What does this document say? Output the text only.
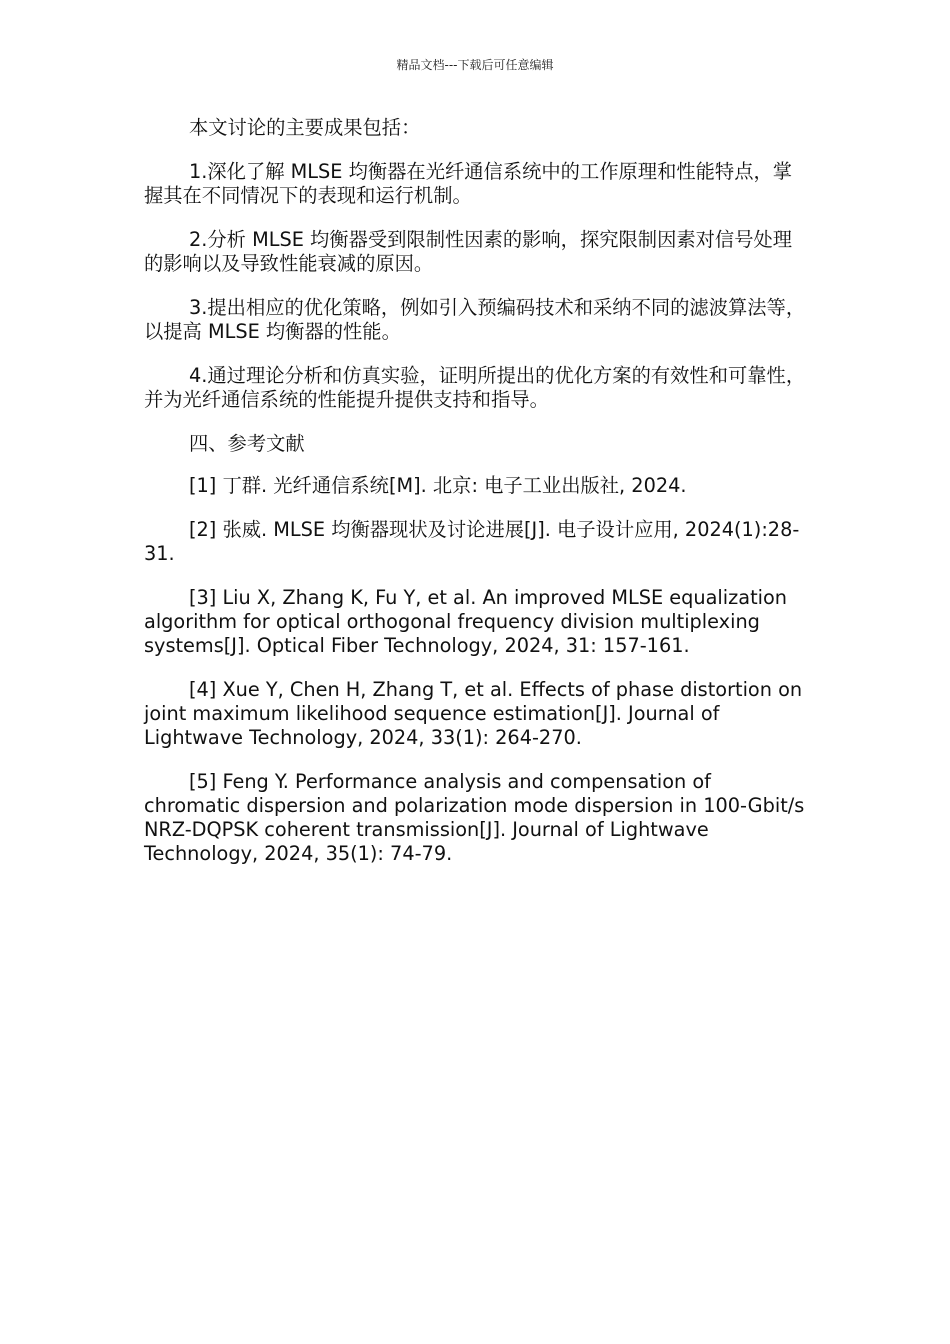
精品文档---下载后可任意编辑

本文讨论的主要成果包括：

1.深化了解 MLSE 均衡器在光纤通信系统中的工作原理和性能特点，掌握其在不同情况下的表现和运行机制。

2.分析 MLSE 均衡器受到限制性因素的影响，探究限制因素对信号处理的影响以及导致性能衰减的原因。

3.提出相应的优化策略，例如引入预编码技术和采纳不同的滤波算法等，以提高 MLSE 均衡器的性能。

4.通过理论分析和仿真实验，证明所提出的优化方案的有效性和可靠性，并为光纤通信系统的性能提升提供支持和指导。

四、参考文献

[1] 丁群. 光纤通信系统[M]. 北京: 电子工业出版社, 2024.

[2] 张威. MLSE 均衡器现状及讨论进展[J]. 电子设计应用, 2024(1):28-31.

[3] Liu X, Zhang K, Fu Y, et al. An improved MLSE equalization algorithm for optical orthogonal frequency division multiplexing systems[J]. Optical Fiber Technology, 2024, 31: 157-161.

[4] Xue Y, Chen H, Zhang T, et al. Effects of phase distortion on joint maximum likelihood sequence estimation[J]. Journal of Lightwave Technology, 2024, 33(1): 264-270.

[5] Feng Y. Performance analysis and compensation of chromatic dispersion and polarization mode dispersion in 100-Gbit/s NRZ-DQPSK coherent transmission[J]. Journal of Lightwave Technology, 2024, 35(1): 74-79.
